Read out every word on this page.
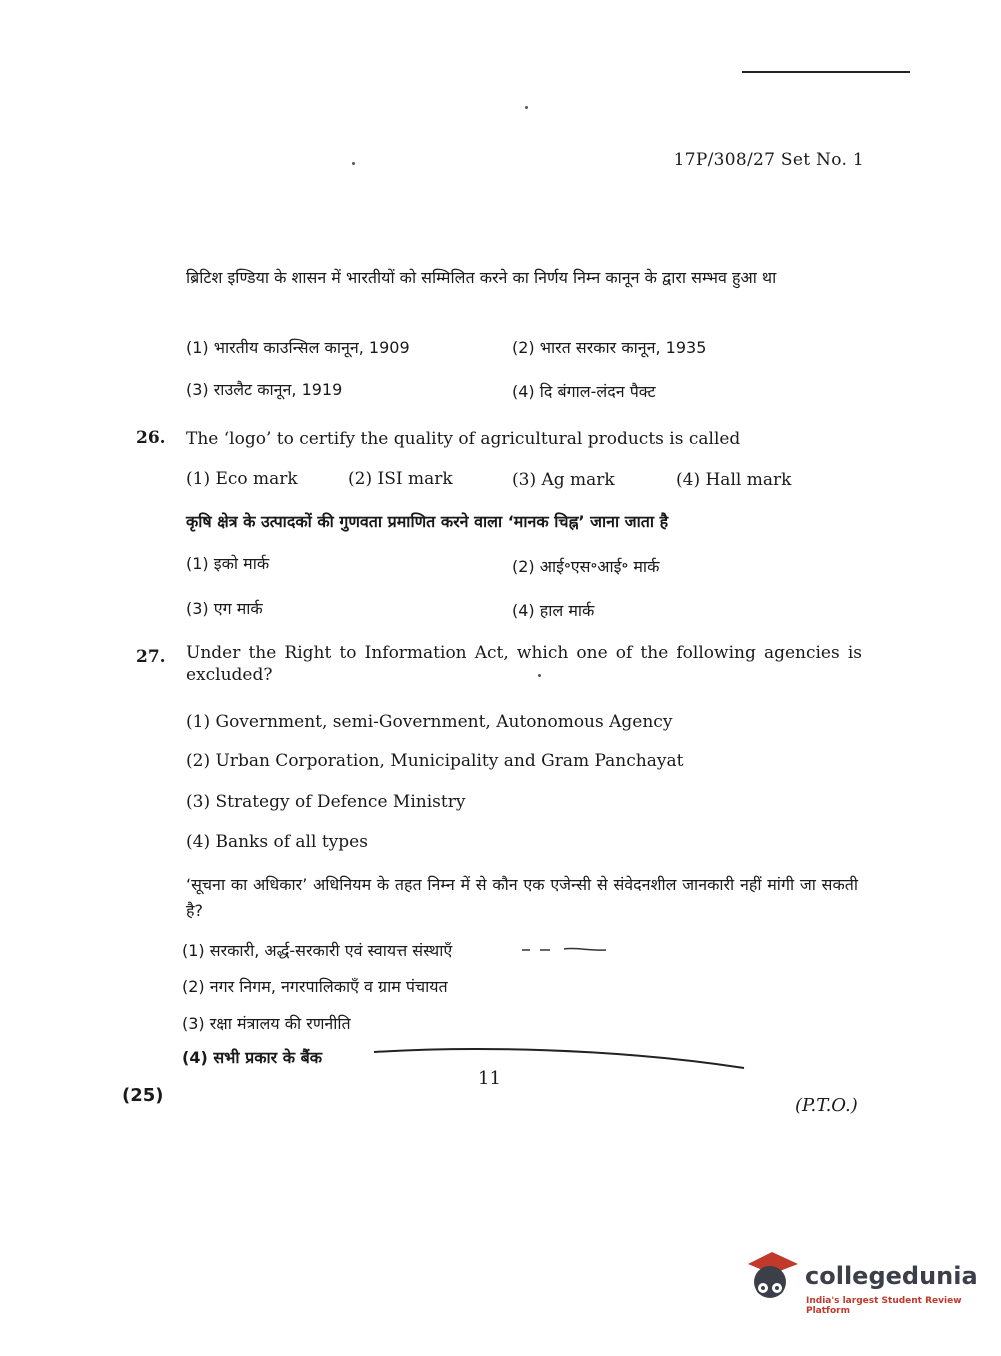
17P/308/27 Set No. 1
ब्रिटिश इण्डिया के शासन में भारतीयों को सम्मिलित करने का निर्णय निम्न कानून के द्वारा सम्भव हुआ था
(1) भारतीय काउन्सिल कानून, 1909	(2) भारत सरकार कानून, 1935
(3) राउलैट कानून, 1919	(4) दि बंगाल-लंदन पैक्ट
26. The ‘logo’ to certify the quality of agricultural products is called
(1) Eco mark	(2) ISI mark	(3) Ag mark	(4) Hall mark
कृषि क्षेत्र के उत्पादकों की गुणवता प्रमाणित करने वाला ‘मानक चिह्न’ जाना जाता है
(1) इको मार्क	(2) आई॰एस॰आई॰ मार्क
(3) एग मार्क	(4) हाल मार्क
27. Under the Right to Information Act, which one of the following agencies is excluded?
(1) Government, semi-Government, Autonomous Agency
(2) Urban Corporation, Municipality and Gram Panchayat
(3) Strategy of Defence Ministry
(4) Banks of all types
‘सूचना का अधिकार’ अधिनियम के तहत निम्न में से कौन एक एजेन्सी से संवेदनशील जानकारी नहीं मांगी जा सकती है?
(1) सरकारी, अर्द्ध-सरकारी एवं स्वायत्त संस्थाएँ
(2) नगर निगम, नगरपालिकाएँ व ग्राम पंचायत
(3) रक्षा मंत्रालय की रणनीति
(4) सभी प्रकार के बैंक
11
(25)	(P.T.O.)
collegedunia
India's largest Student Review Platform
